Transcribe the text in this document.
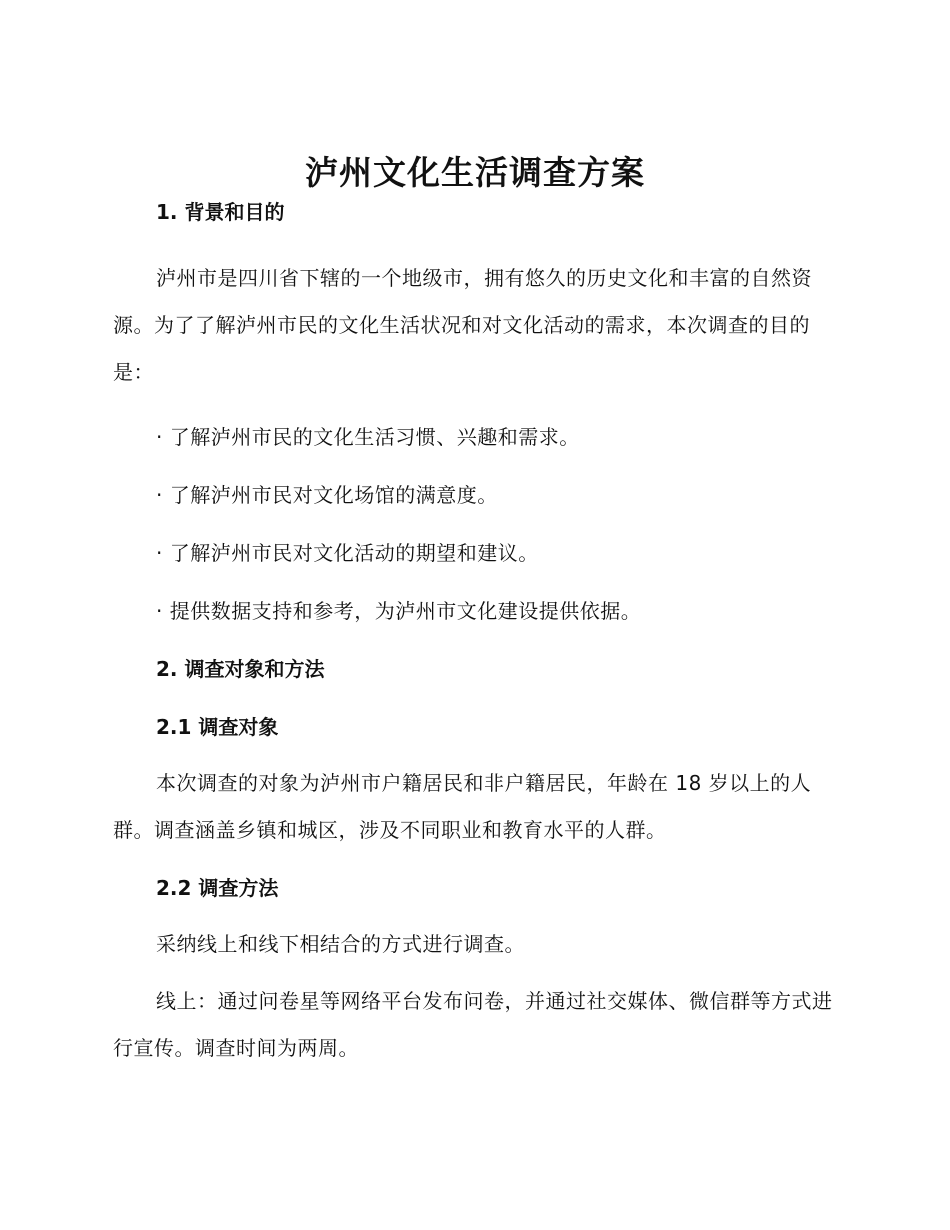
泸州文化生活调查方案
1. 背景和目的
泸州市是四川省下辖的一个地级市，拥有悠久的历史文化和丰富的自然资源。为了了解泸州市民的文化生活状况和对文化活动的需求，本次调查的目的是：
· 了解泸州市民的文化生活习惯、兴趣和需求。
· 了解泸州市民对文化场馆的满意度。
· 了解泸州市民对文化活动的期望和建议。
· 提供数据支持和参考，为泸州市文化建设提供依据。
2. 调查对象和方法
2.1 调查对象
本次调查的对象为泸州市户籍居民和非户籍居民，年龄在 18 岁以上的人群。调查涵盖乡镇和城区，涉及不同职业和教育水平的人群。
2.2 调查方法
采纳线上和线下相结合的方式进行调查。
线上：通过问卷星等网络平台发布问卷，并通过社交媒体、微信群等方式进行宣传。调查时间为两周。
